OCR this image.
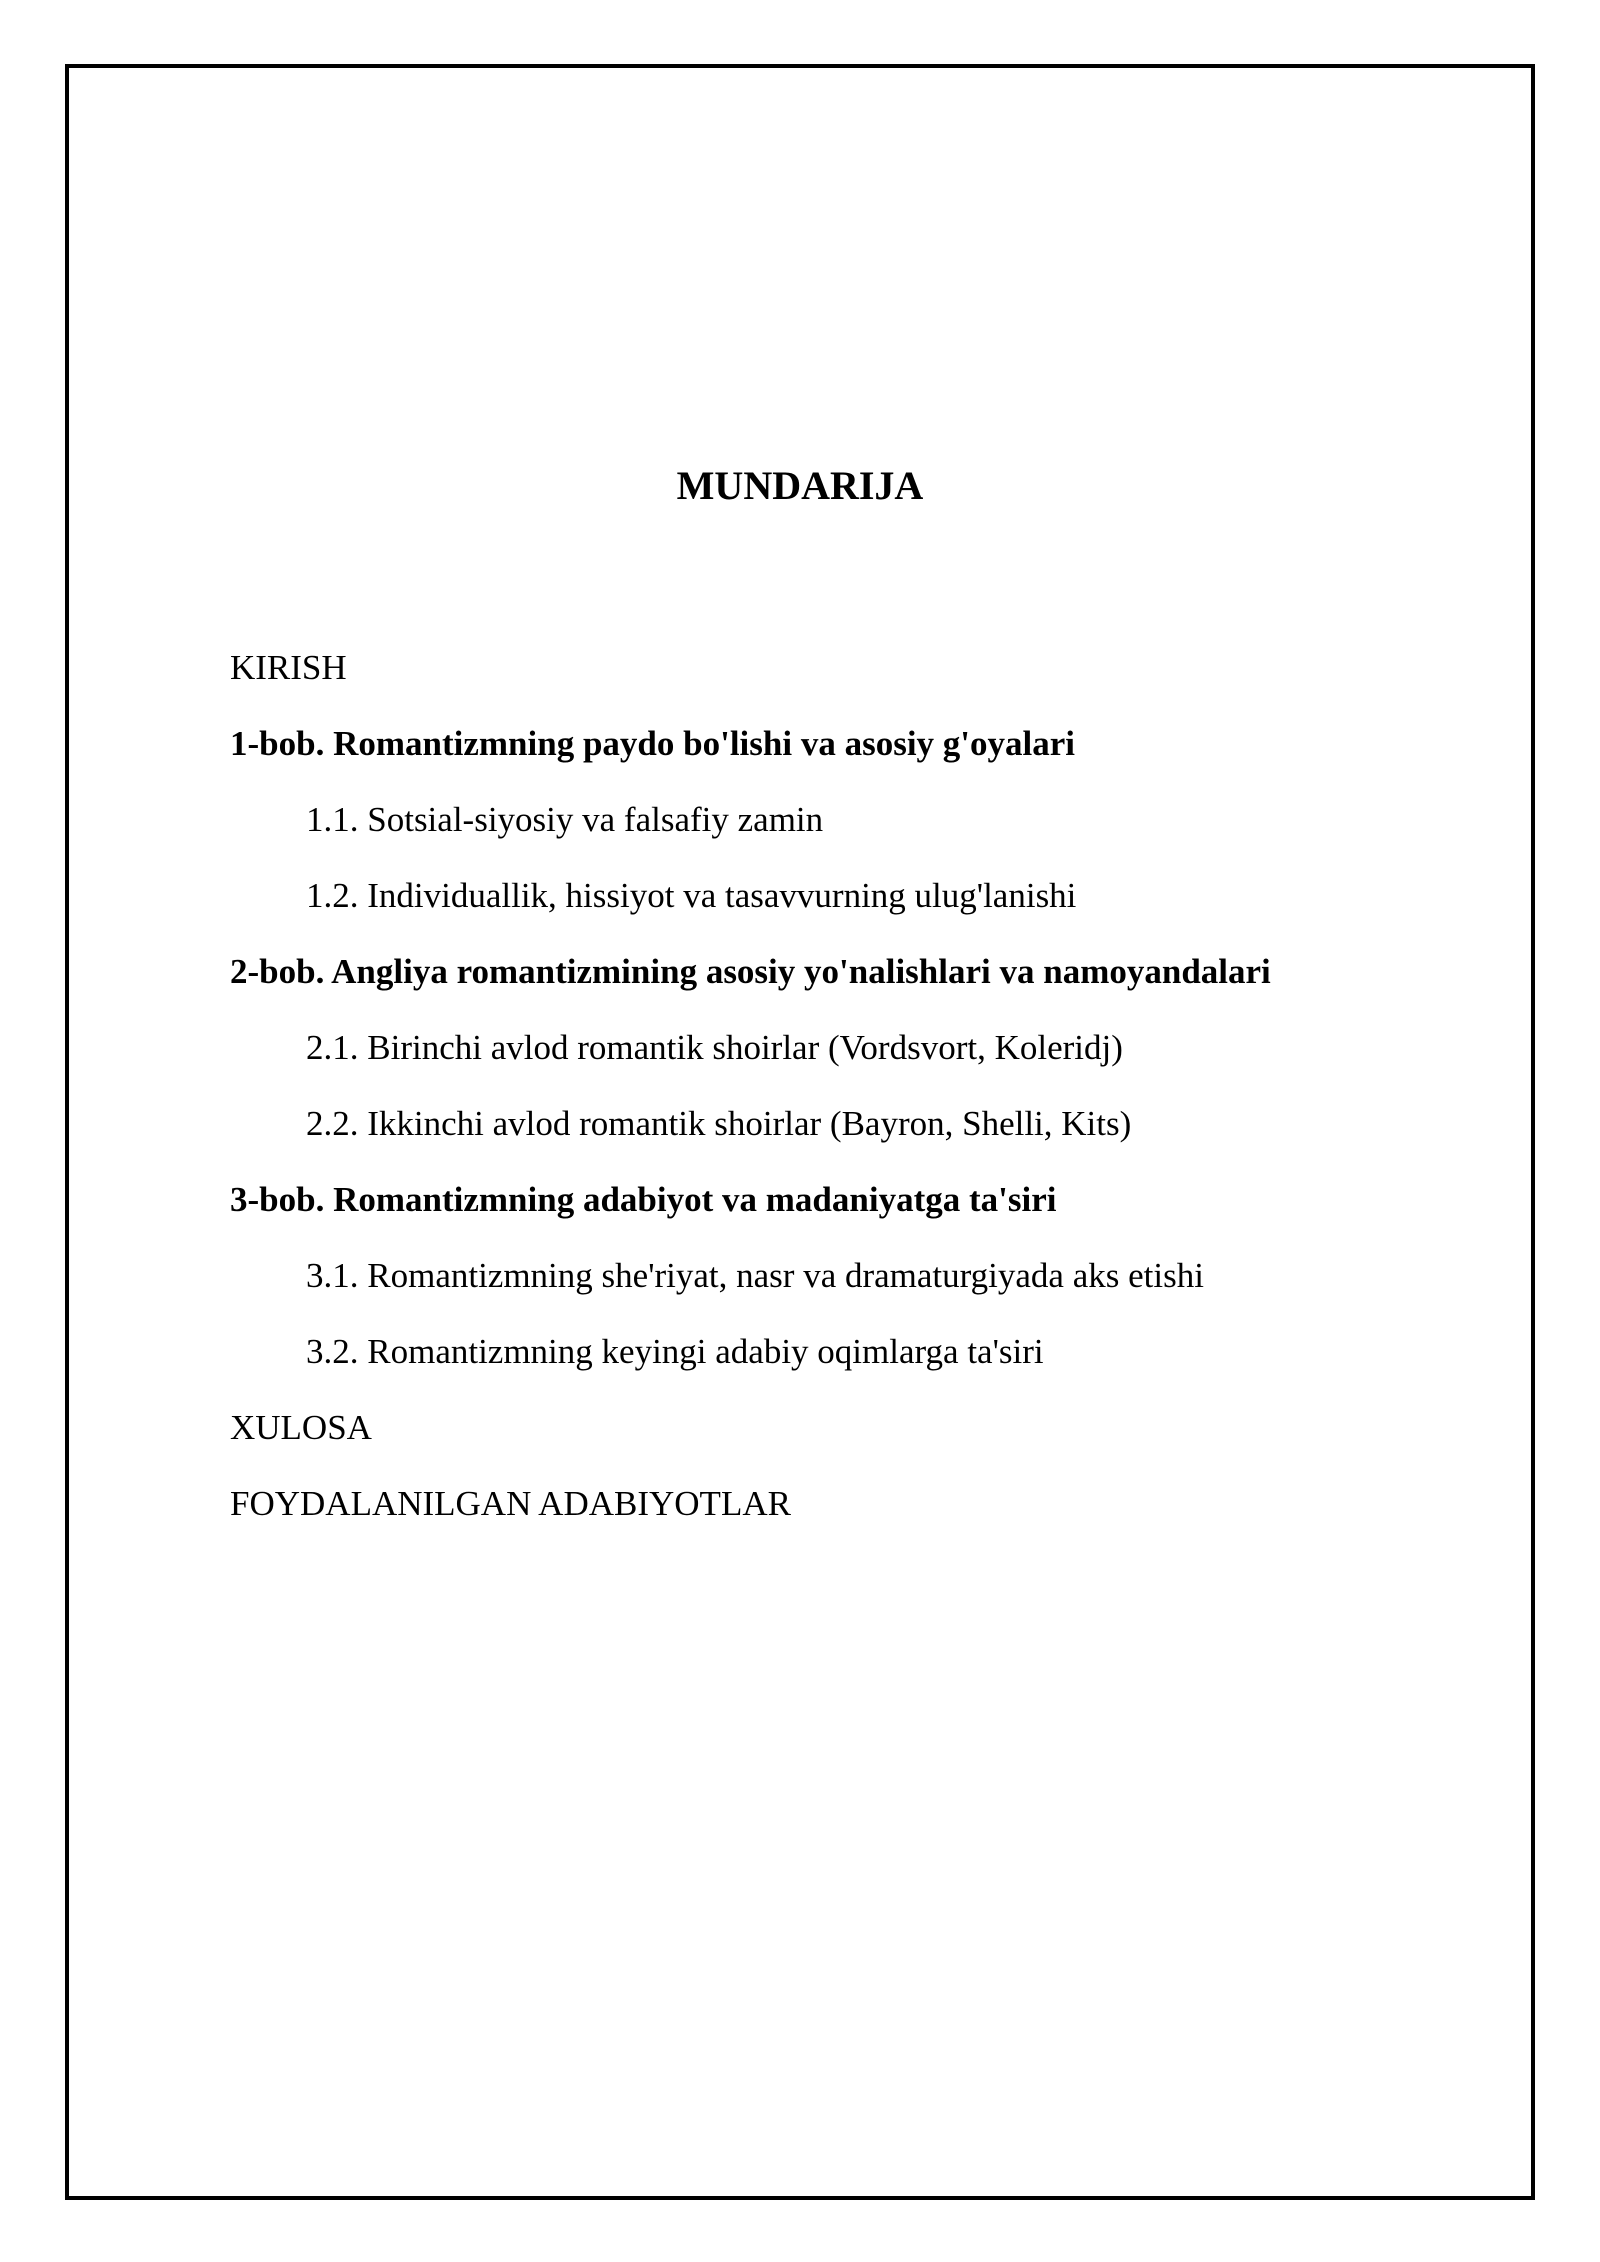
MUNDARIJA
KIRISH
1-bob. Romantizmning paydo bo'lishi va asosiy g'oyalari
1.1. Sotsial-siyosiy va falsafiy zamin
1.2. Individuallik, hissiyot va tasavvurning ulug'lanishi
2-bob. Angliya romantizmining asosiy yo'nalishlari va namoyandalari
2.1. Birinchi avlod romantik shoirlar (Vordsvort, Koleridj)
2.2. Ikkinchi avlod romantik shoirlar (Bayron, Shelli, Kits)
3-bob. Romantizmning adabiyot va madaniyatga ta'siri
3.1. Romantizmning she'riyat, nasr va dramaturgiyada aks etishi
3.2. Romantizmning keyingi adabiy oqimlarga ta'siri
XULOSA
FOYDALANILGAN ADABIYOTLAR
